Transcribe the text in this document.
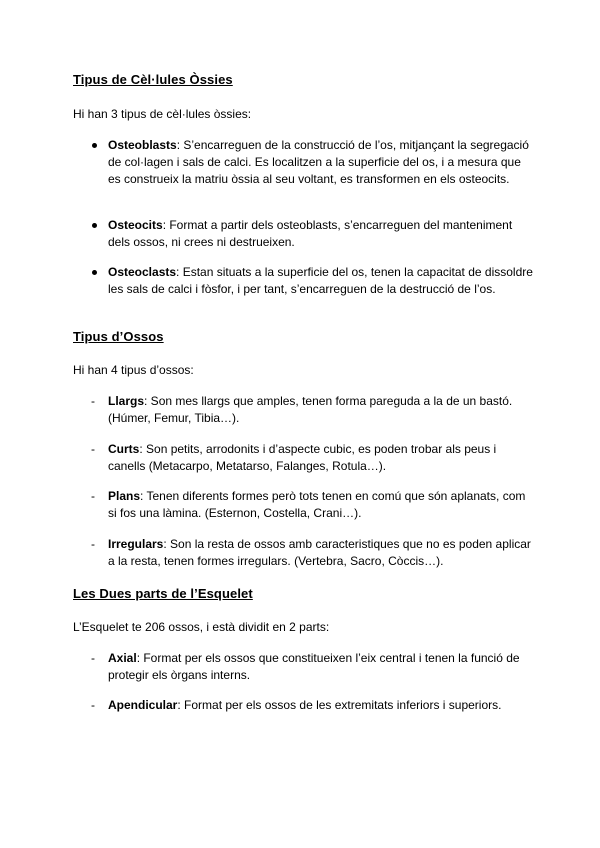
Tipus de Cèl·lules Òssies
Hi han 3 tipus de cèl·lules òssies:
Osteoblasts: S’encarreguen de la construcció de l’os, mitjançant la segregació de col·lagen i sals de calci. Es localitzen a la superficie del os, i a mesura que es construeix la matriu òssia al seu voltant, es transformen en els osteocits.
Osteocits: Format a partir dels osteoblasts, s’encarreguen del manteniment dels ossos, ni crees ni destrueixen.
Osteoclasts: Estan situats a la superficie del os, tenen la capacitat de dissoldre les sals de calci i fòsfor, i per tant, s’encarreguen de la destrucció de l’os.
Tipus d’Ossos
Hi han 4 tipus d’ossos:
-	Llargs: Son mes llargs que amples, tenen forma pareguda a la de un bastó. (Húmer, Femur, Tibia…).
-	Curts: Son petits, arrodonits i d’aspecte cubic, es poden trobar als peus i canells (Metacarpo, Metatarso, Falanges, Rotula…).
-	Plans: Tenen diferents formes però tots tenen en comú que són aplanats, com si fos una làmina. (Esternon, Costella, Crani…).
-	Irregulars: Son la resta de ossos amb caracteristiques que no es poden aplicar a la resta, tenen formes irregulars. (Vertebra, Sacro, Còccis…).
Les Dues parts de l’Esquelet
L’Esquelet te 206 ossos, i està dividit en 2 parts:
-	Axial: Format per els ossos que constitueixen l’eix central i tenen la funció de protegir els òrgans interns.
-	Apendicular: Format per els ossos de les extremitats inferiors i superiors.
